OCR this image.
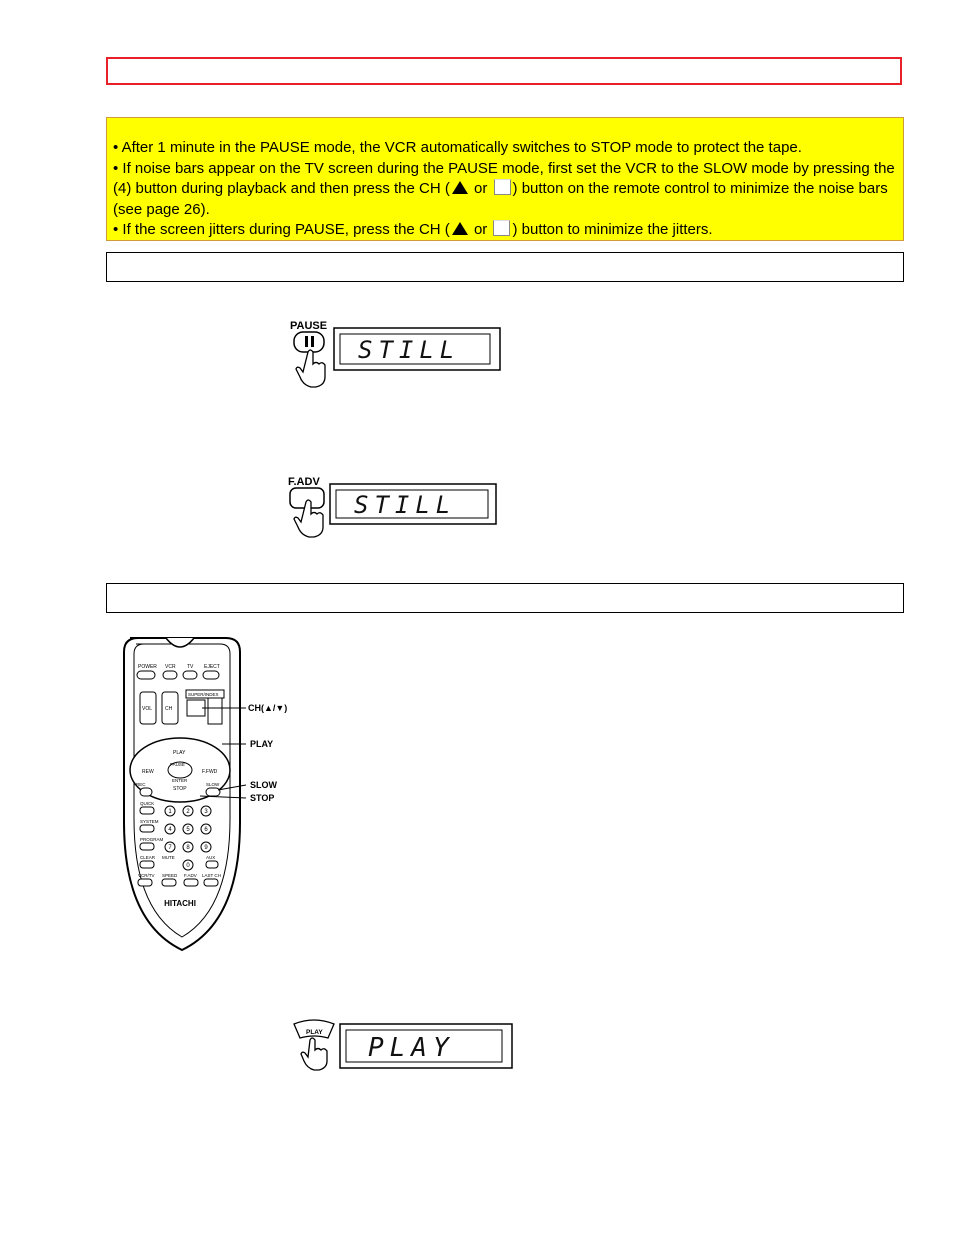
• After 1 minute in the PAUSE mode, the VCR automatically switches to STOP mode to protect the tape.

• If noise bars appear on the TV screen during the PAUSE mode, first set the VCR to the SLOW mode by pressing the (4) button during playback and then press the CH ( or ) button on the remote control to minimize the noise bars (see page 26).

• If the screen jitters during PAUSE, press the CH ( or ) button to minimize the jitters.

PAUSE
STILL
F.ADV
STILL
POWER VCR TV EJECT
VOL	CH
SUPER/INDEX
PLAY
PAUSE
ENTER
REW	F.FWD
STOP
REC	SLOW
QUICK
SYSTEM
PROGRAM
CLEAR MUTE	AUX
1 2 3
4 5 6
7 8 9
0
VCR/TV SPEED F.ADV LAST CH
HITACHI
CH(▲/▼)
PLAY
SLOW
STOP
PLAY
PLAY
